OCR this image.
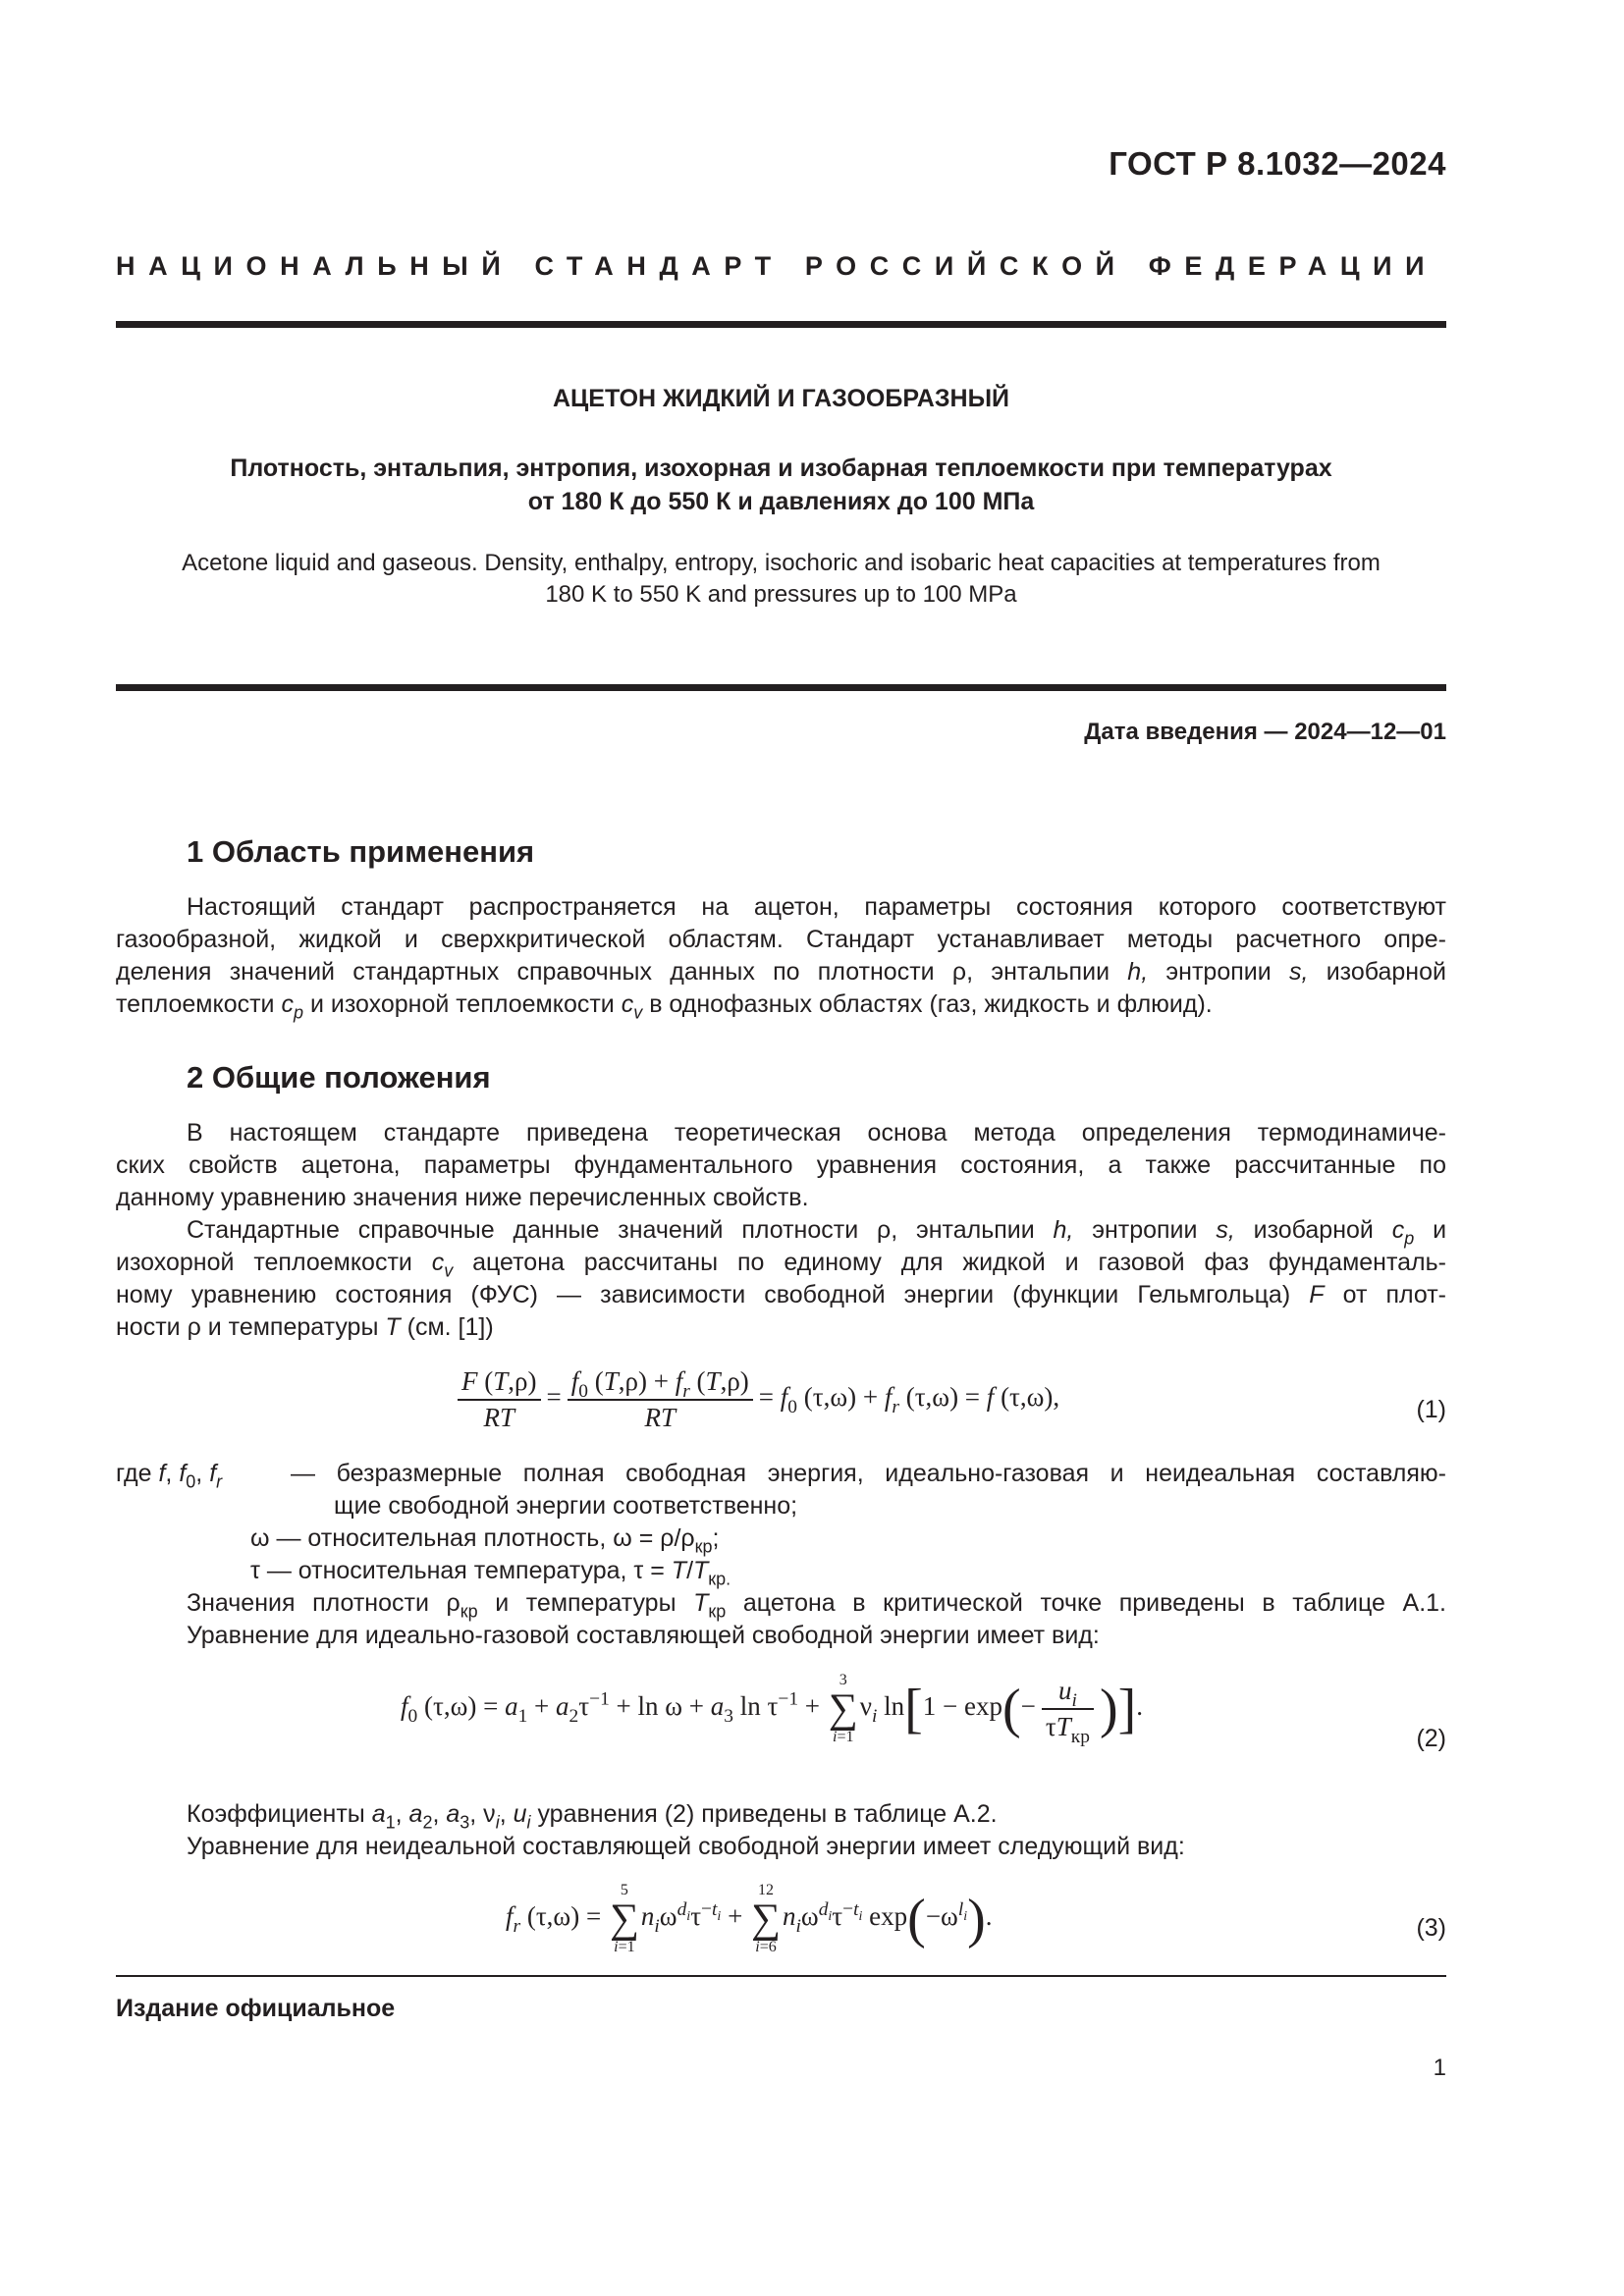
ГОСТ Р 8.1032—2024
НАЦИОНАЛЬНЫЙ СТАНДАРТ РОССИЙСКОЙ ФЕДЕРАЦИИ
АЦЕТОН ЖИДКИЙ И ГАЗООБРАЗНЫЙ
Плотность, энтальпия, энтропия, изохорная и изобарная теплоемкости при температурах
от 180 К до 550 К и давлениях до 100 МПа
Acetone liquid and gaseous. Density, enthalpy, entropy, isochoric and isobaric heat capacities at temperatures from
180 K to 550 K and pressures up to 100 MPa
Дата введения — 2024—12—01
1 Область применения
Настоящий стандарт распространяется на ацетон, параметры состояния которого соответствуют
газообразной, жидкой и сверхкритической областям. Стандарт устанавливает методы расчетного опре-
деления значений стандартных справочных данных по плотности ρ, энтальпии h, энтропии s, изобарной
теплоемкости $c_p$ и изохорной теплоемкости $c_v$ в однофазных областях (газ, жидкость и флюид).
2 Общие положения
В настоящем стандарте приведена теоретическая основа метода определения термодинамиче-
ских свойств ацетона, параметры фундаментального уравнения состояния, а также рассчитанные по
данному уравнению значения ниже перечисленных свойств.
Стандартные справочные данные значений плотности ρ, энтальпии h, энтропии s, изобарной $c_p$ и
изохорной теплоемкости $c_v$ ацетона рассчитаны по единому для жидкой и газовой фаз фундаменталь-
ному уравнению состояния (ФУС) — зависимости свободной энергии (функции Гельмгольца) F от плот-
ности ρ и температуры T (см. [1])
$\frac{F (T,\rho)}{RT} = \frac{f_0 (T,\rho) + f_r (T,\rho)}{RT} = f_0$ $(\tau,\omega) + f_r$ (τ,ω) = f (τ,ω),	(1)
где f, $f_0$, $f_r$	— безразмерные полная свободная энергия, идеально-газовая и неидеальная составляю-
щие свободной энергии соответственно;
ω — относительная плотность, $\omega = \rho/\rho_{кр}$;
τ — относительная температура, $\tau = T/T_{кр.}$
Значения плотности $\rho_{кр}$ и температуры $T_{кр}$ ацетона в критической точке приведены в таблице А.1.
Уравнение для идеально-газовой составляющей свободной энергии имеет вид:
$f_0$ $(\tau,\omega) = a_1 + a_2\tau^{-1} + \ln \omega + a_3$ $\ln \tau^{-1} + 3$
∑
$i=1\nu_i$ $\ln[1 - \exp(- \frac{u_i}{\tau T_{кр}}$ )].
(2)
Коэффициенты $a_1$, $a_2$, $a_3$, $\nu_i$, $u_i$ уравнения (2) приведены в таблице А.2.
Уравнение для неидеальной составляющей свободной энергии имеет следующий вид:
$f_r$ (τ,ω) = 5
∑
$i=1n_i\omega^{d_i}\tau^{-t_i} + 12$
∑
$i=6n_i\omega^{d_i}\tau^{-t_i}$ $\exp(-\omega^{l_i})$.	(3)
Издание официальное
1
